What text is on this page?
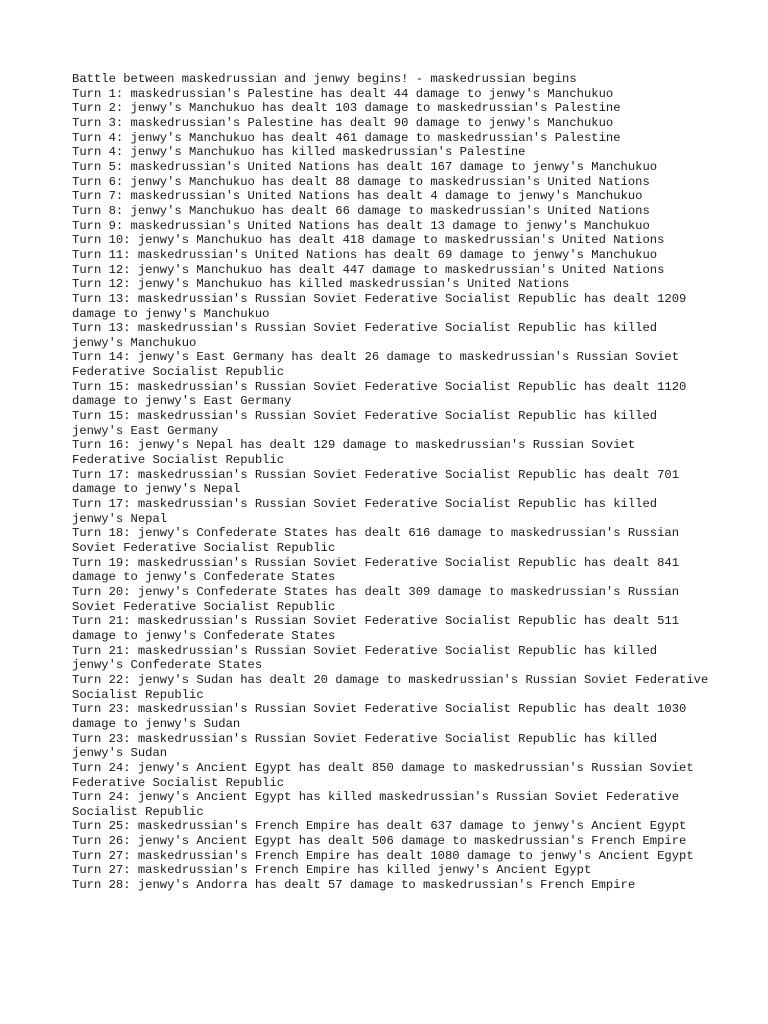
Battle between maskedrussian and jenwy begins! - maskedrussian begins
Turn 1: maskedrussian's Palestine has dealt 44 damage to jenwy's Manchukuo
Turn 2: jenwy's Manchukuo has dealt 103 damage to maskedrussian's Palestine
Turn 3: maskedrussian's Palestine has dealt 90 damage to jenwy's Manchukuo
Turn 4: jenwy's Manchukuo has dealt 461 damage to maskedrussian's Palestine
Turn 4: jenwy's Manchukuo has killed maskedrussian's Palestine
Turn 5: maskedrussian's United Nations has dealt 167 damage to jenwy's Manchukuo
Turn 6: jenwy's Manchukuo has dealt 88 damage to maskedrussian's United Nations
Turn 7: maskedrussian's United Nations has dealt 4 damage to jenwy's Manchukuo
Turn 8: jenwy's Manchukuo has dealt 66 damage to maskedrussian's United Nations
Turn 9: maskedrussian's United Nations has dealt 13 damage to jenwy's Manchukuo
Turn 10: jenwy's Manchukuo has dealt 418 damage to maskedrussian's United Nations
Turn 11: maskedrussian's United Nations has dealt 69 damage to jenwy's Manchukuo
Turn 12: jenwy's Manchukuo has dealt 447 damage to maskedrussian's United Nations
Turn 12: jenwy's Manchukuo has killed maskedrussian's United Nations
Turn 13: maskedrussian's Russian Soviet Federative Socialist Republic has dealt 1209 damage to jenwy's Manchukuo
Turn 13: maskedrussian's Russian Soviet Federative Socialist Republic has killed jenwy's Manchukuo
Turn 14: jenwy's East Germany has dealt 26 damage to maskedrussian's Russian Soviet Federative Socialist Republic
Turn 15: maskedrussian's Russian Soviet Federative Socialist Republic has dealt 1120 damage to jenwy's East Germany
Turn 15: maskedrussian's Russian Soviet Federative Socialist Republic has killed jenwy's East Germany
Turn 16: jenwy's Nepal has dealt 129 damage to maskedrussian's Russian Soviet Federative Socialist Republic
Turn 17: maskedrussian's Russian Soviet Federative Socialist Republic has dealt 701 damage to jenwy's Nepal
Turn 17: maskedrussian's Russian Soviet Federative Socialist Republic has killed jenwy's Nepal
Turn 18: jenwy's Confederate States has dealt 616 damage to maskedrussian's Russian Soviet Federative Socialist Republic
Turn 19: maskedrussian's Russian Soviet Federative Socialist Republic has dealt 841 damage to jenwy's Confederate States
Turn 20: jenwy's Confederate States has dealt 309 damage to maskedrussian's Russian Soviet Federative Socialist Republic
Turn 21: maskedrussian's Russian Soviet Federative Socialist Republic has dealt 511 damage to jenwy's Confederate States
Turn 21: maskedrussian's Russian Soviet Federative Socialist Republic has killed jenwy's Confederate States
Turn 22: jenwy's Sudan has dealt 20 damage to maskedrussian's Russian Soviet Federative Socialist Republic
Turn 23: maskedrussian's Russian Soviet Federative Socialist Republic has dealt 1030 damage to jenwy's Sudan
Turn 23: maskedrussian's Russian Soviet Federative Socialist Republic has killed jenwy's Sudan
Turn 24: jenwy's Ancient Egypt has dealt 850 damage to maskedrussian's Russian Soviet Federative Socialist Republic
Turn 24: jenwy's Ancient Egypt has killed maskedrussian's Russian Soviet Federative Socialist Republic
Turn 25: maskedrussian's French Empire has dealt 637 damage to jenwy's Ancient Egypt
Turn 26: jenwy's Ancient Egypt has dealt 506 damage to maskedrussian's French Empire
Turn 27: maskedrussian's French Empire has dealt 1080 damage to jenwy's Ancient Egypt
Turn 27: maskedrussian's French Empire has killed jenwy's Ancient Egypt
Turn 28: jenwy's Andorra has dealt 57 damage to maskedrussian's French Empire
